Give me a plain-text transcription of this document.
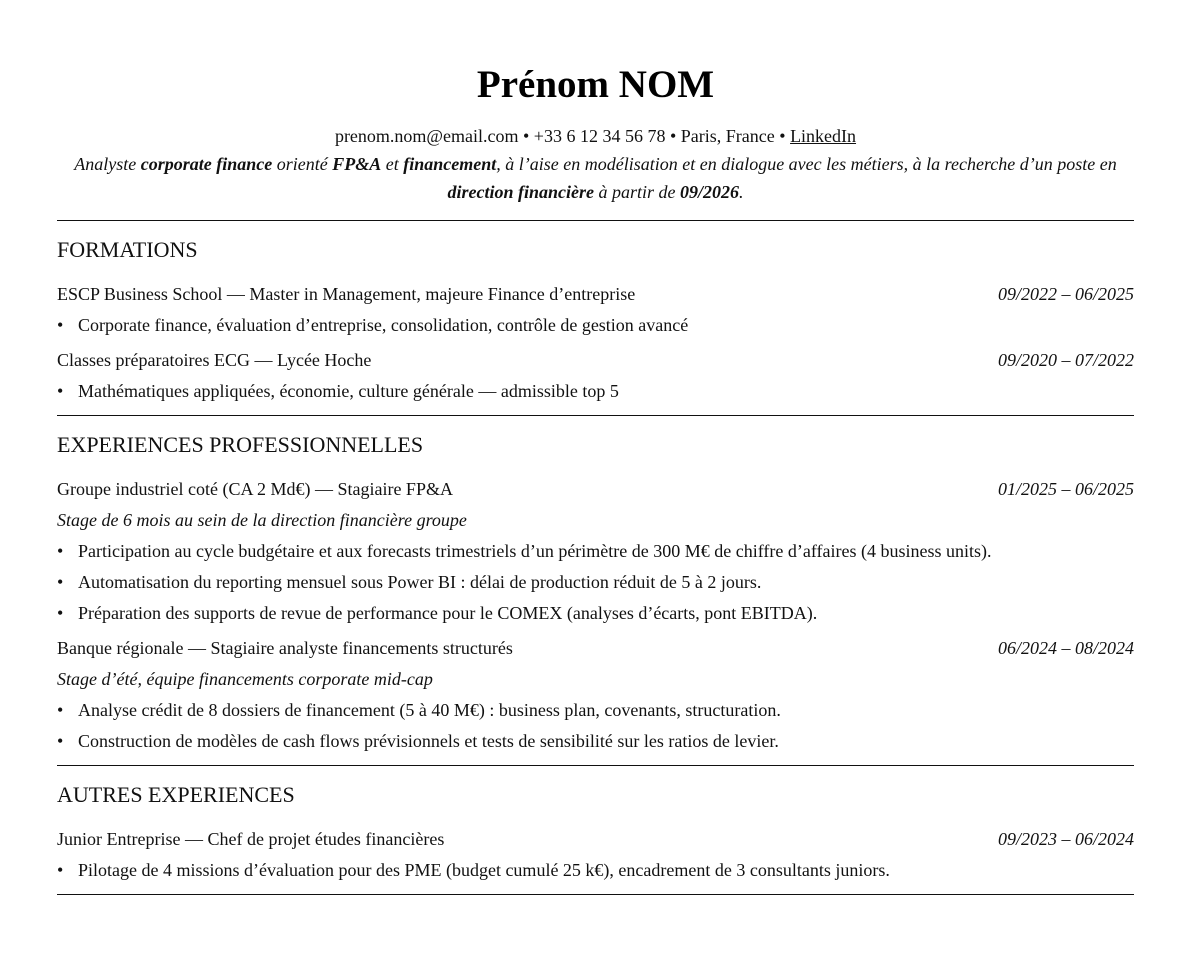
Prénom NOM
prenom.nom@email.com • +33 6 12 34 56 78 • Paris, France • LinkedIn
Analyste corporate finance orienté FP&A et financement, à l’aise en modélisation et en dialogue avec les métiers, à la recherche d’un poste en direction financière à partir de 09/2026.
FORMATIONS
ESCP Business School — Master in Management, majeure Finance d’entreprise	09/2022 – 06/2025
• Corporate finance, évaluation d’entreprise, consolidation, contrôle de gestion avancé
Classes préparatoires ECG — Lycée Hoche	09/2020 – 07/2022
• Mathématiques appliquées, économie, culture générale — admissible top 5
EXPERIENCES PROFESSIONNELLES
Groupe industriel coté (CA 2 Md€) — Stagiaire FP&A	01/2025 – 06/2025
Stage de 6 mois au sein de la direction financière groupe
• Participation au cycle budgétaire et aux forecasts trimestriels d’un périmètre de 300 M€ de chiffre d’affaires (4 business units).
• Automatisation du reporting mensuel sous Power BI : délai de production réduit de 5 à 2 jours.
• Préparation des supports de revue de performance pour le COMEX (analyses d’écarts, pont EBITDA).
Banque régionale — Stagiaire analyste financements structurés	06/2024 – 08/2024
Stage d’été, équipe financements corporate mid-cap
• Analyse crédit de 8 dossiers de financement (5 à 40 M€) : business plan, covenants, structuration.
• Construction de modèles de cash flows prévisionnels et tests de sensibilité sur les ratios de levier.
AUTRES EXPERIENCES
Junior Entreprise — Chef de projet études financières	09/2023 – 06/2024
• Pilotage de 4 missions d’évaluation pour des PME (budget cumulé 25 k€), encadrement de 3 consultants juniors.
